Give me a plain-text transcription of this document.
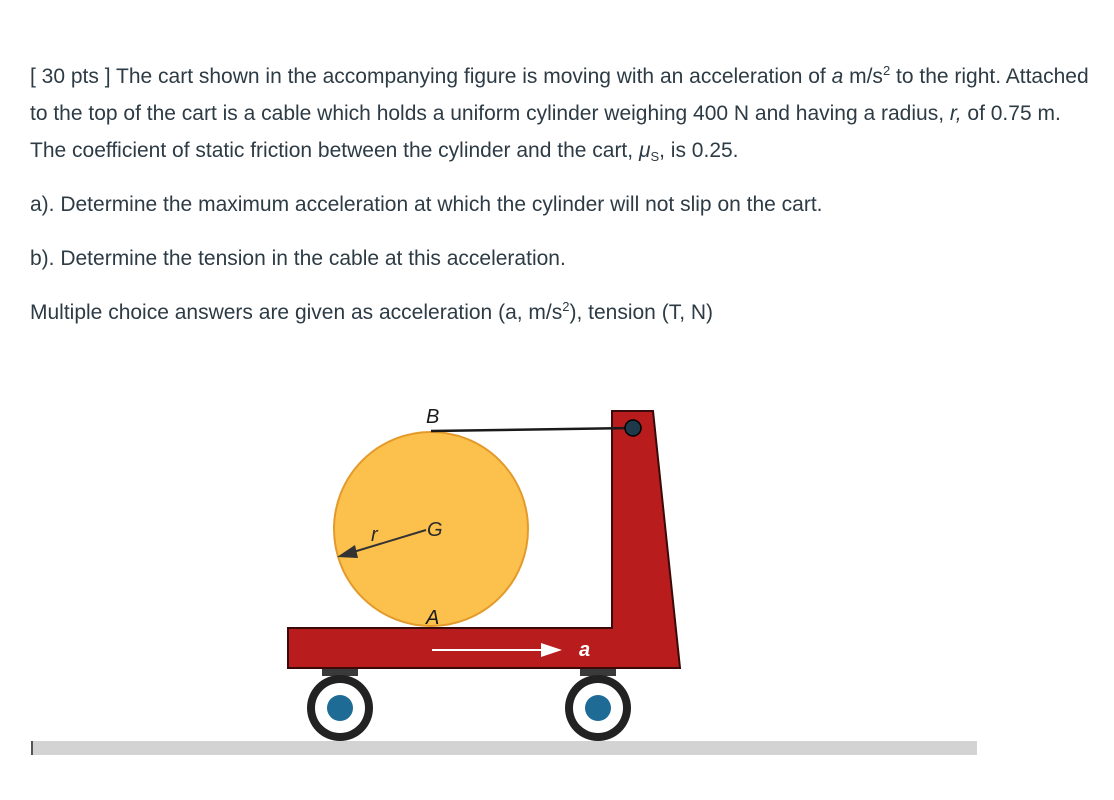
[ 30 pts ] The cart shown in the accompanying figure is moving with an acceleration of a $m/s^2$ to the right. Attached to the top of the cart is a cable which holds a uniform cylinder weighing 400 N and having a radius, r, of 0.75 m. The coefficient of static friction between the cylinder and the cart, $\mu_S$, is 0.25.

a). Determine the maximum acceleration at which the cylinder will not slip on the cart.

b). Determine the tension in the cable at this acceleration.

Multiple choice answers are given as acceleration (a, $m/s^2$), tension (T, N)

B
G
r
A
a
